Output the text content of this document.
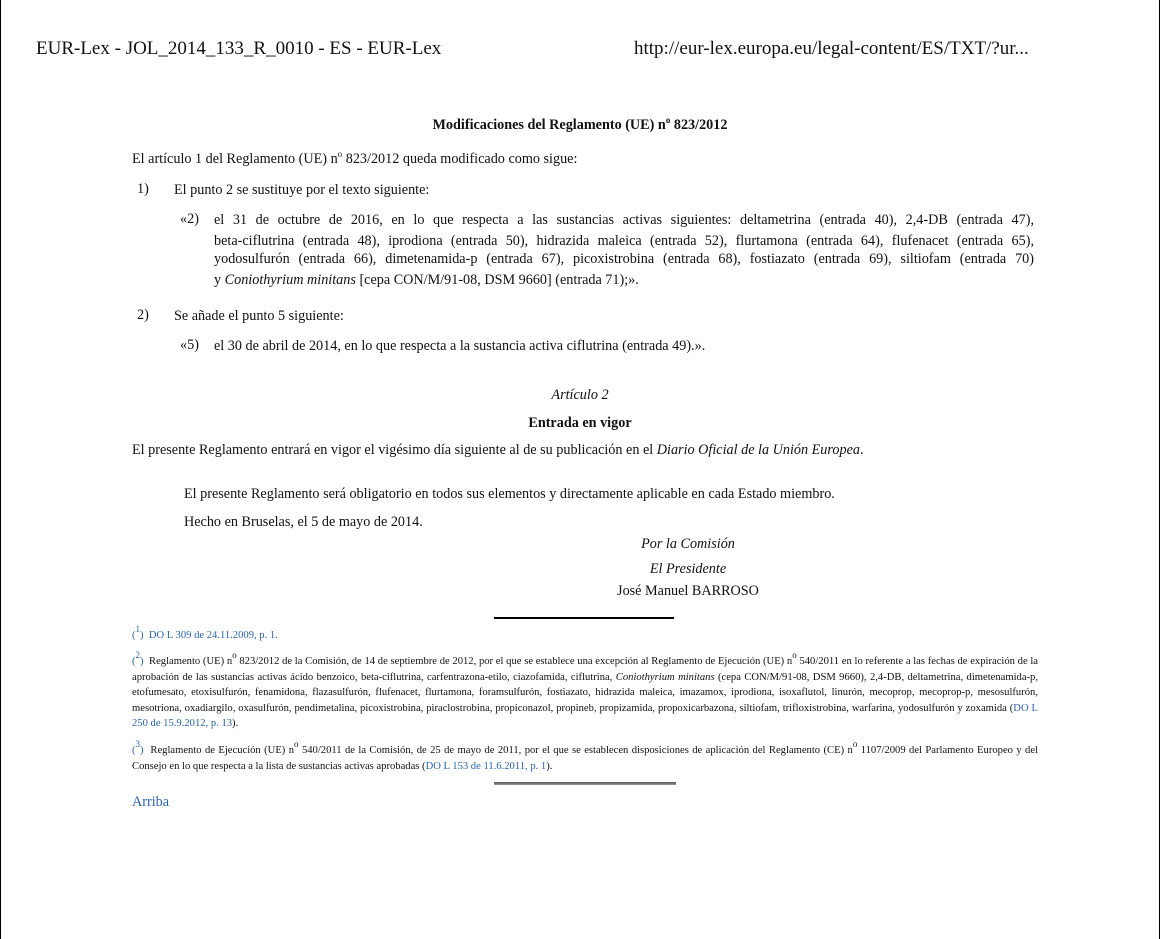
EUR-Lex - JOL_2014_133_R_0010 - ES - EUR-Lex	http://eur-lex.europa.eu/legal-content/ES/TXT/?ur...
Modificaciones del Reglamento (UE) $n^o$ 823/2012
El artículo 1 del Reglamento (UE) $n^o$ 823/2012 queda modificado como sigue:
1) El punto 2 se sustituye por el texto siguiente:
«2) el 31 de octubre de 2016, en lo que respecta a las sustancias activas siguientes: deltametrina (entrada 40), 2,4-DB (entrada 47),
beta-ciflutrina (entrada 48), iprodiona (entrada 50), hidrazida maleica (entrada 52), flurtamona (entrada 64), flufenacet (entrada 65),
yodosulfurón (entrada 66), dimetenamida-p (entrada 67), picoxistrobina (entrada 68), fostiazato (entrada 69), siltiofam (entrada 70)
y Coniothyrium minitans [cepa CON/M/91-08, DSM 9660] (entrada 71);».
2) Se añade el punto 5 siguiente:
«5) el 30 de abril de 2014, en lo que respecta a la sustancia activa ciflutrina (entrada 49).».
Artículo 2
Entrada en vigor
El presente Reglamento entrará en vigor el vigésimo día siguiente al de su publicación en el Diario Oficial de la Unión Europea.
El presente Reglamento será obligatorio en todos sus elementos y directamente aplicable en cada Estado miembro.
Hecho en Bruselas, el 5 de mayo de 2014.
Por la Comisión
El Presidente
José Manuel BARROSO
($^1$) DO L 309 de 24.11.2009, p. 1.
($^2$) Reglamento (UE) $n^o$ 823/2012 de la Comisión, de 14 de septiembre de 2012, por el que se establece una excepción al Reglamento de Ejecución (UE) $n^o$ 540/2011 en lo referente a las fechas de expiración de la aprobación de las sustancias activas ácido benzoico, beta-ciflutrina, carfentrazona-etilo, ciazofamida, ciflutrina, Coniothyrium minitans (cepa CON/M/91-08, DSM 9660), 2,4-DB, deltametrina, dimetenamida-p, etofumesato, etoxisulfurón, fenamidona, flazasulfurón, flufenacet, flurtamona, foramsulfurón, fostiazato, hidrazida maleica, imazamox, iprodiona, isoxaflutol, linurón, mecoprop, mecoprop-p, mesosulfurón, mesotriona, oxadiargilo, oxasulfurón, pendimetalina, picoxistrobina, piraclostrobina, propiconazol, propineb, propizamida, propoxicarbazona, siltiofam, trifloxistrobina, warfarina, yodosulfurón y zoxamida (DO L 250 de 15.9.2012, p. 13).
($^3$) Reglamento de Ejecución (UE) $n^o$ 540/2011 de la Comisión, de 25 de mayo de 2011, por el que se establecen disposiciones de aplicación del Reglamento (CE) $n^o$ 1107/2009 del Parlamento Europeo y del Consejo en lo que respecta a la lista de sustancias activas aprobadas (DO L 153 de 11.6.2011, p. 1).
Arriba
